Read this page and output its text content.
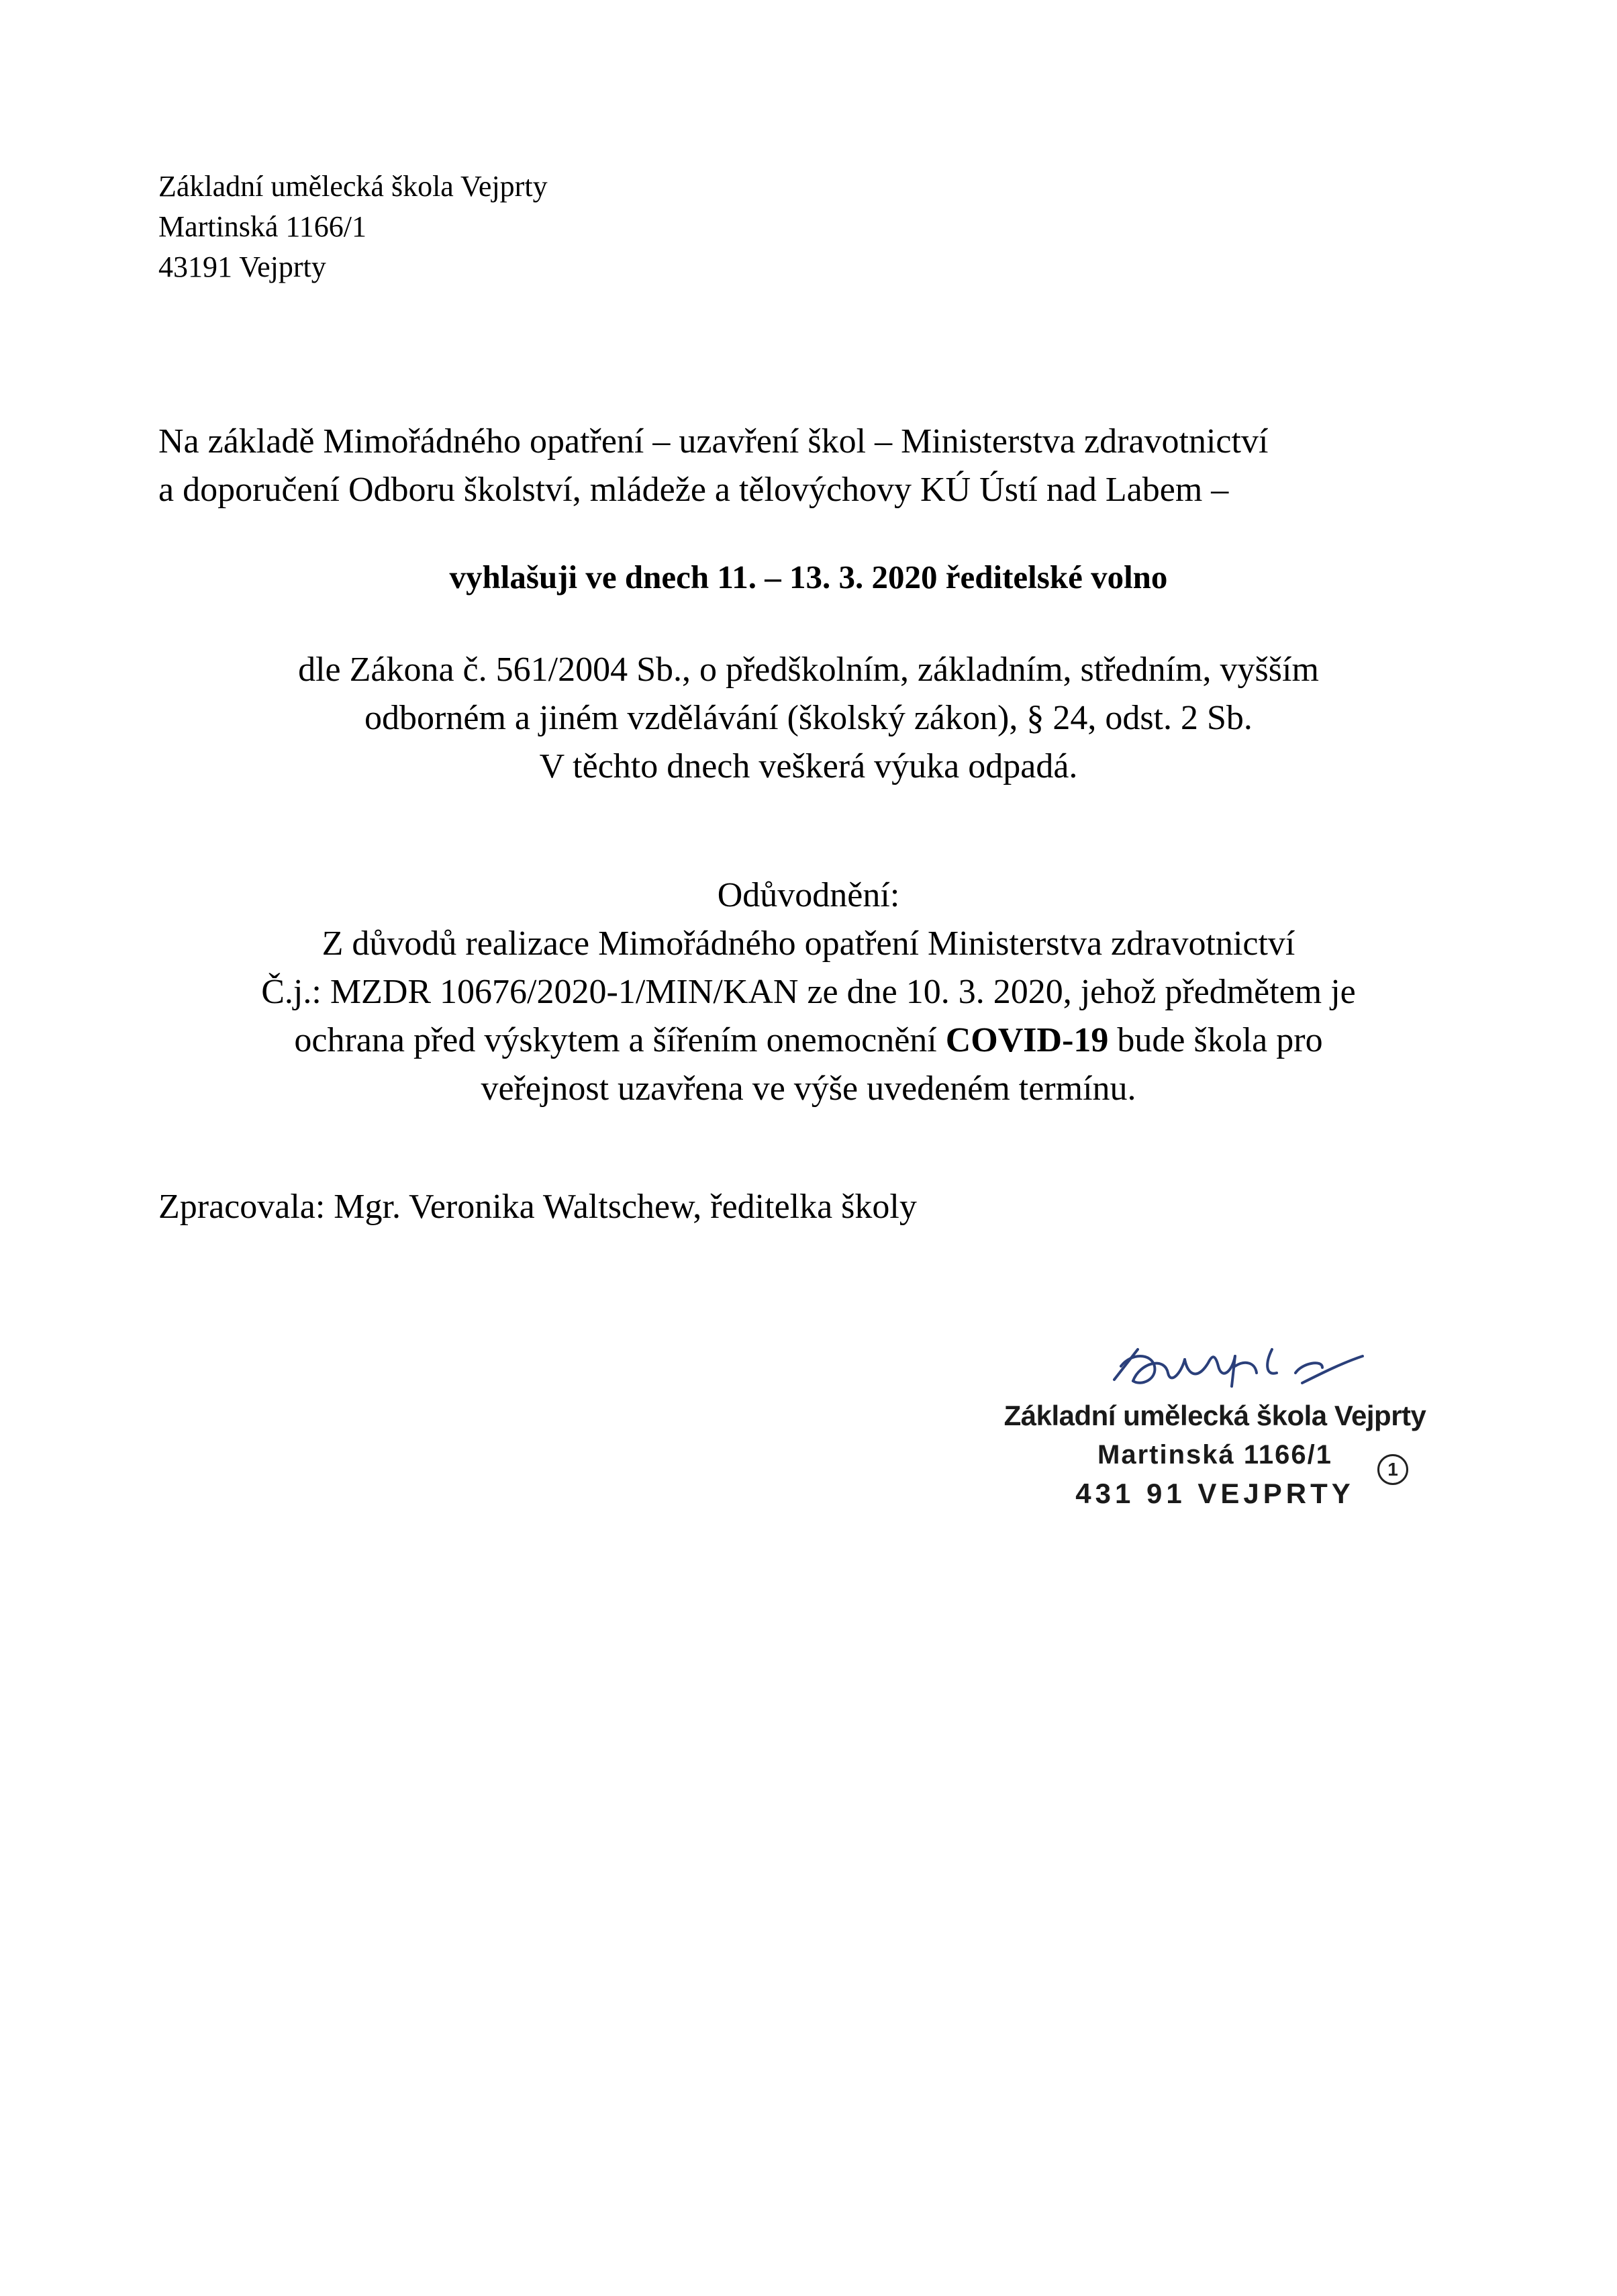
Základní umělecká škola Vejprty
Martinská 1166/1
43191 Vejprty
Na základě Mimořádného opatření – uzavření škol – Ministerstva zdravotnictví
a doporučení Odboru školství, mládeže a tělovýchovy KÚ Ústí nad Labem –
vyhlašuji ve dnech 11. – 13. 3. 2020 ředitelské volno
dle Zákona č. 561/2004 Sb., o předškolním, základním, středním, vyšším
odborném a jiném vzdělávání (školský zákon), § 24, odst. 2 Sb.
V těchto dnech veškerá výuka odpadá.
Odůvodnění:
Z důvodů realizace Mimořádného opatření Ministerstva zdravotnictví
Č.j.: MZDR 10676/2020-1/MIN/KAN ze dne 10. 3. 2020, jehož předmětem je
ochrana před výskytem a šířením onemocnění COVID-19 bude škola pro
veřejnost uzavřena ve výše uvedeném termínu.
Zpracovala: Mgr. Veronika Waltschew, ředitelka školy
Základní umělecká škola Vejprty
Martinská 1166/1
431 91 VEJPRTY
1
